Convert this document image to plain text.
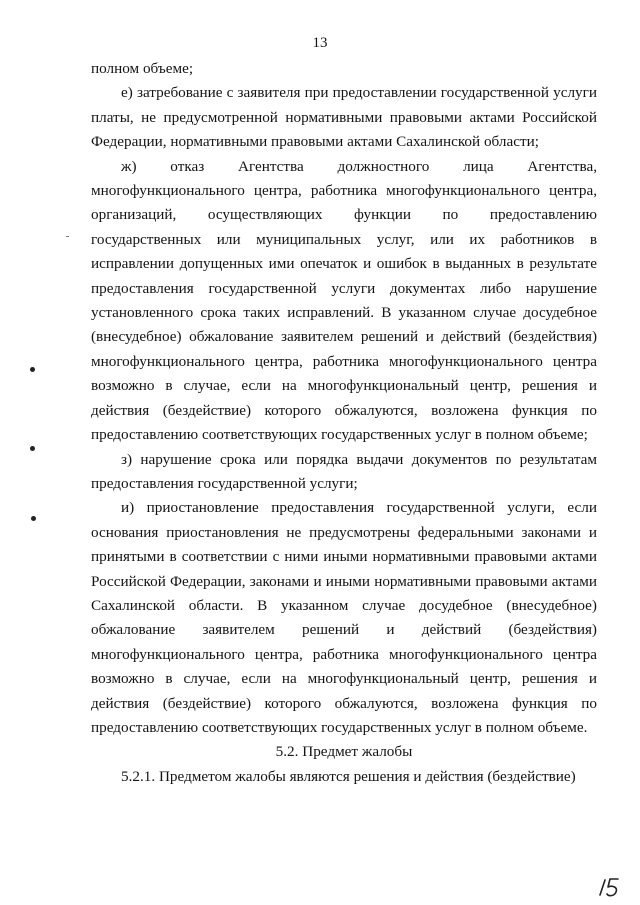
13

полном объеме;

е) затребование с заявителя при предоставлении государственной услуги платы, не предусмотренной нормативными правовыми актами Российской Федерации, нормативными правовыми актами Сахалинской области;

ж) отказ Агентства должностного лица Агентства, многофункционального центра, работника многофункционального центра, организаций, осуществляющих функции по предоставлению государственных или муниципальных услуг, или их работников в исправлении допущенных ими опечаток и ошибок в выданных в результате предоставления государственной услуги документах либо нарушение установленного срока таких исправлений. В указанном случае досудебное (внесудебное) обжалование заявителем решений и действий (бездействия) многофункционального центра, работника многофункционального центра возможно в случае, если на многофункциональный центр, решения и действия (бездействие) которого обжалуются, возложена функция по предоставлению соответствующих государственных услуг в полном объеме;

з) нарушение срока или порядка выдачи документов по результатам предоставления государственной услуги;

и) приостановление предоставления государственной услуги, если основания приостановления не предусмотрены федеральными законами и принятыми в соответствии с ними иными нормативными правовыми актами Российской Федерации, законами и иными нормативными правовыми актами Сахалинской области. В указанном случае досудебное (внесудебное) обжалование заявителем решений и действий (бездействия) многофункционального центра, работника многофункционального центра возможно в случае, если на многофункциональный центр, решения и действия (бездействие) которого обжалуются, возложена функция по предоставлению соответствующих государственных услуг в полном объеме.

5.2. Предмет жалобы

5.2.1. Предметом жалобы являются решения и действия (бездействие)
